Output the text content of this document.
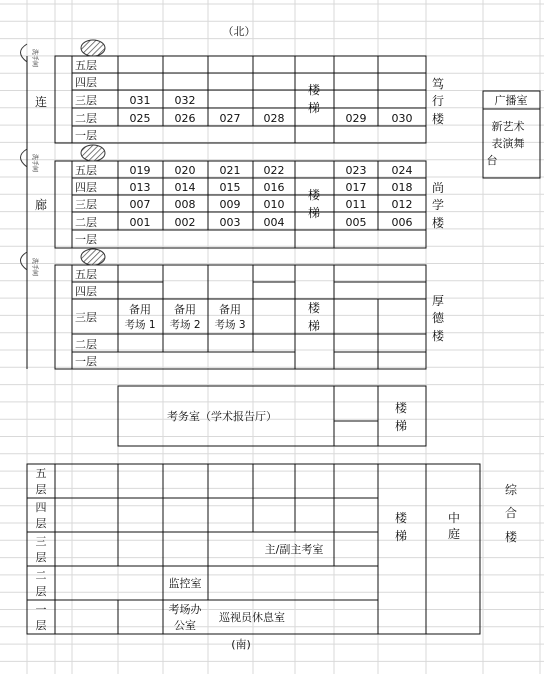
（北）
(南)
洗手间
洗手间
洗手间
连
廊
五层
四层
三层
二层
一层
031 032
025 026 027 028	029 030
楼
梯
笃
行
楼
五层
四层
三层
二层
一层
019 020 021 022	023 024
013 014 015 016	017 018
007 008 009 010	011 012
001 002 003 004	005 006
楼
梯
尚
学
楼
五层
四层
三层
二层
一层
备用
考场 1
备用
考场 2
备用
考场 3
楼
梯
厚
德
楼
广播室
新艺术
表演舞
台
考务室（学术报告厅）
楼
梯
五
层
四
层
三
层
二
层
一
层
主/副主考室
监控室
考场办
公室
巡视员休息室
楼
梯
中
庭
综
合
楼
